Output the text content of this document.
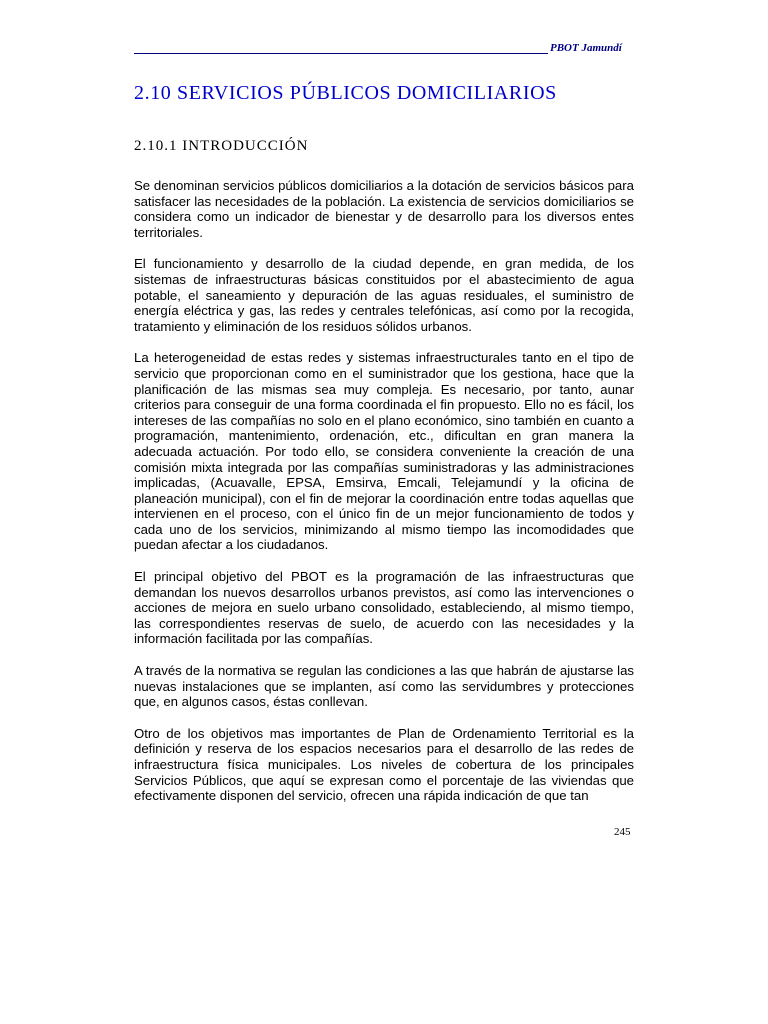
PBOT Jamundí
2.10 SERVICIOS PÚBLICOS DOMICILIARIOS
2.10.1 INTRODUCCIÓN

Se denominan servicios públicos domiciliarios a la dotación de servicios básicos para satisfacer las necesidades de la población. La existencia de servicios domiciliarios se considera como un indicador de bienestar y de desarrollo para los diversos entes territoriales.

El funcionamiento y desarrollo de la ciudad depende, en gran medida, de los sistemas de infraestructuras básicas constituidos por el abastecimiento de agua potable, el saneamiento y depuración de las aguas residuales, el suministro de energía eléctrica y gas, las redes y centrales telefónicas, así como por la recogida, tratamiento y eliminación de los residuos sólidos urbanos.

La heterogeneidad de estas redes y sistemas infraestructurales tanto en el tipo de servicio que proporcionan como en el suministrador que los gestiona, hace que la planificación de las mismas sea muy compleja. Es necesario, por tanto, aunar criterios para conseguir de una forma coordinada el fin propuesto. Ello no es fácil, los intereses de las compañías no solo en el plano económico, sino también en cuanto a programación, mantenimiento, ordenación, etc., dificultan en gran manera la adecuada actuación. Por todo ello, se considera conveniente la creación de una comisión mixta integrada por las compañías suministradoras y las administraciones implicadas, (Acuavalle, EPSA, Emsirva, Emcali, Telejamundí y la oficina de planeación municipal), con el fin de mejorar la coordinación entre todas aquellas que intervienen en el proceso, con el único fin de un mejor funcionamiento de todos y cada uno de los servicios, minimizando al mismo tiempo las incomodidades que puedan afectar a los ciudadanos.

El principal objetivo del PBOT es la programación de las infraestructuras que demandan los nuevos desarrollos urbanos previstos, así como las intervenciones o acciones de mejora en suelo urbano consolidado, estableciendo, al mismo tiempo, las correspondientes reservas de suelo, de acuerdo con las necesidades y la información facilitada por las compañías.

A través de la normativa se regulan las condiciones a las que habrán de ajustarse las nuevas instalaciones que se implanten, así como las servidumbres y protecciones que, en algunos casos, éstas conllevan.

Otro de los objetivos mas importantes de Plan de Ordenamiento Territorial es la definición y reserva de los espacios necesarios para el desarrollo de las redes de infraestructura física municipales. Los niveles de cobertura de los principales Servicios Públicos, que aquí se expresan como el porcentaje de las viviendas que efectivamente disponen del servicio, ofrecen una rápida indicación de que tan

245
